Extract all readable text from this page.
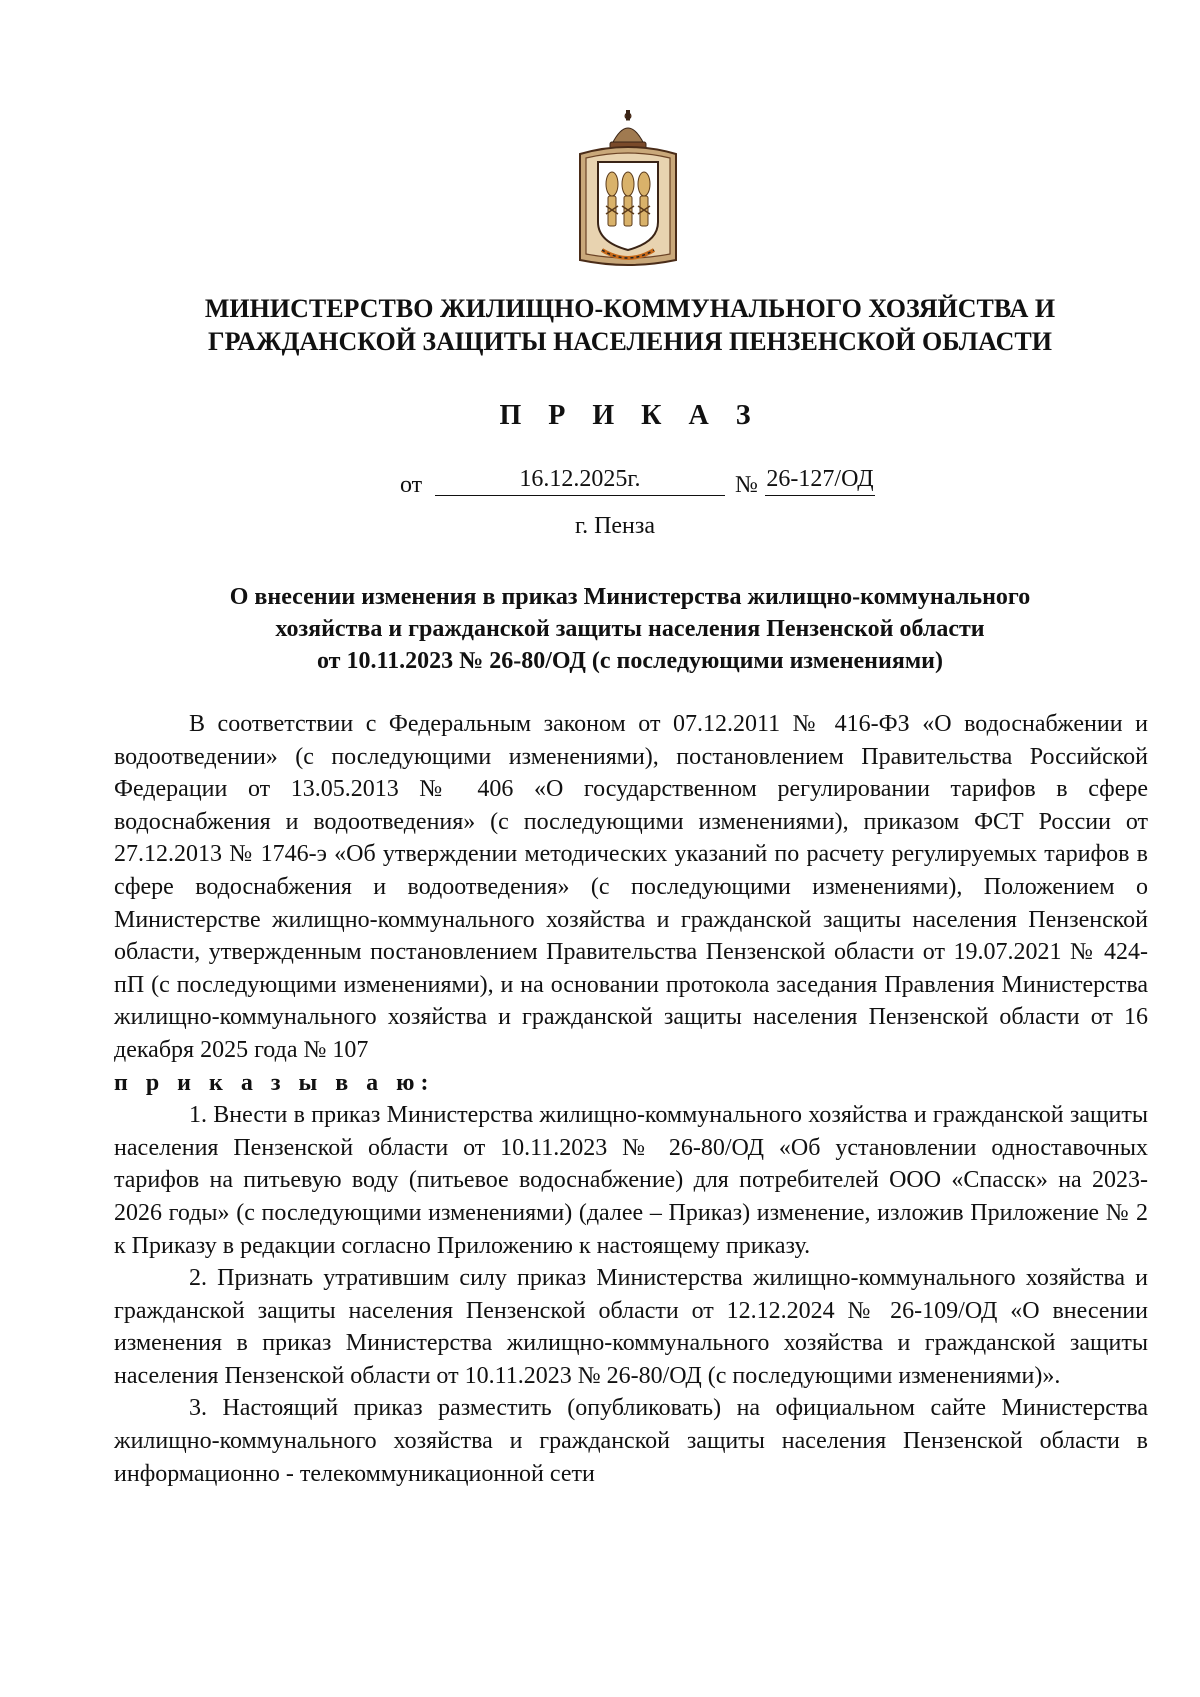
МИНИСТЕРСТВО ЖИЛИЩНО-КОММУНАЛЬНОГО ХОЗЯЙСТВА И
ГРАЖДАНСКОЙ ЗАЩИТЫ НАСЕЛЕНИЯ ПЕНЗЕНСКОЙ ОБЛАСТИ
П Р И К А З
от	16.12.2025г.	№ 26-127/ОД
г. Пенза
О внесении изменения в приказ Министерства жилищно-коммунального
хозяйства и гражданской защиты населения Пензенской области
от 10.11.2023 № 26-80/ОД (с последующими изменениями)

В соответствии с Федеральным законом от 07.12.2011 № 416-ФЗ «О водоснабжении и водоотведении» (с последующими изменениями), постановлением Правительства Российской Федерации от 13.05.2013 № 406 «О государственном регулировании тарифов в сфере водоснабжения и водоотведения» (с последующими изменениями), приказом ФСТ России от 27.12.2013 № 1746-э «Об утверждении методических указаний по расчету регулируемых тарифов в сфере водоснабжения и водоотведения» (с последующими изменениями), Положением о Министерстве жилищно-коммунального хозяйства и гражданской защиты населения Пензенской области, утвержденным постановлением Правительства Пензенской области от 19.07.2021 № 424-пП (с последующими изменениями), и на основании протокола заседания Правления Министерства жилищно-коммунального хозяйства и гражданской защиты населения Пензенской области от 16 декабря 2025 года № 107

п р и к а з ы в а ю:

1. Внести в приказ Министерства жилищно-коммунального хозяйства и гражданской защиты населения Пензенской области от 10.11.2023 № 26-80/ОД «Об установлении одноставочных тарифов на питьевую воду (питьевое водоснабжение) для потребителей ООО «Спасск» на 2023-2026 годы» (с последующими изменениями) (далее – Приказ) изменение, изложив Приложение № 2 к Приказу в редакции согласно Приложению к настоящему приказу.

2. Признать утратившим силу приказ Министерства жилищно-коммунального хозяйства и гражданской защиты населения Пензенской области от 12.12.2024 № 26-109/ОД «О внесении изменения в приказ Министерства жилищно-коммунального хозяйства и гражданской защиты населения Пензенской области от 10.11.2023 № 26-80/ОД (с последующими изменениями)».

3. Настоящий приказ разместить (опубликовать) на официальном сайте Министерства жилищно-коммунального хозяйства и гражданской защиты населения Пензенской области в информационно - телекоммуникационной сети
